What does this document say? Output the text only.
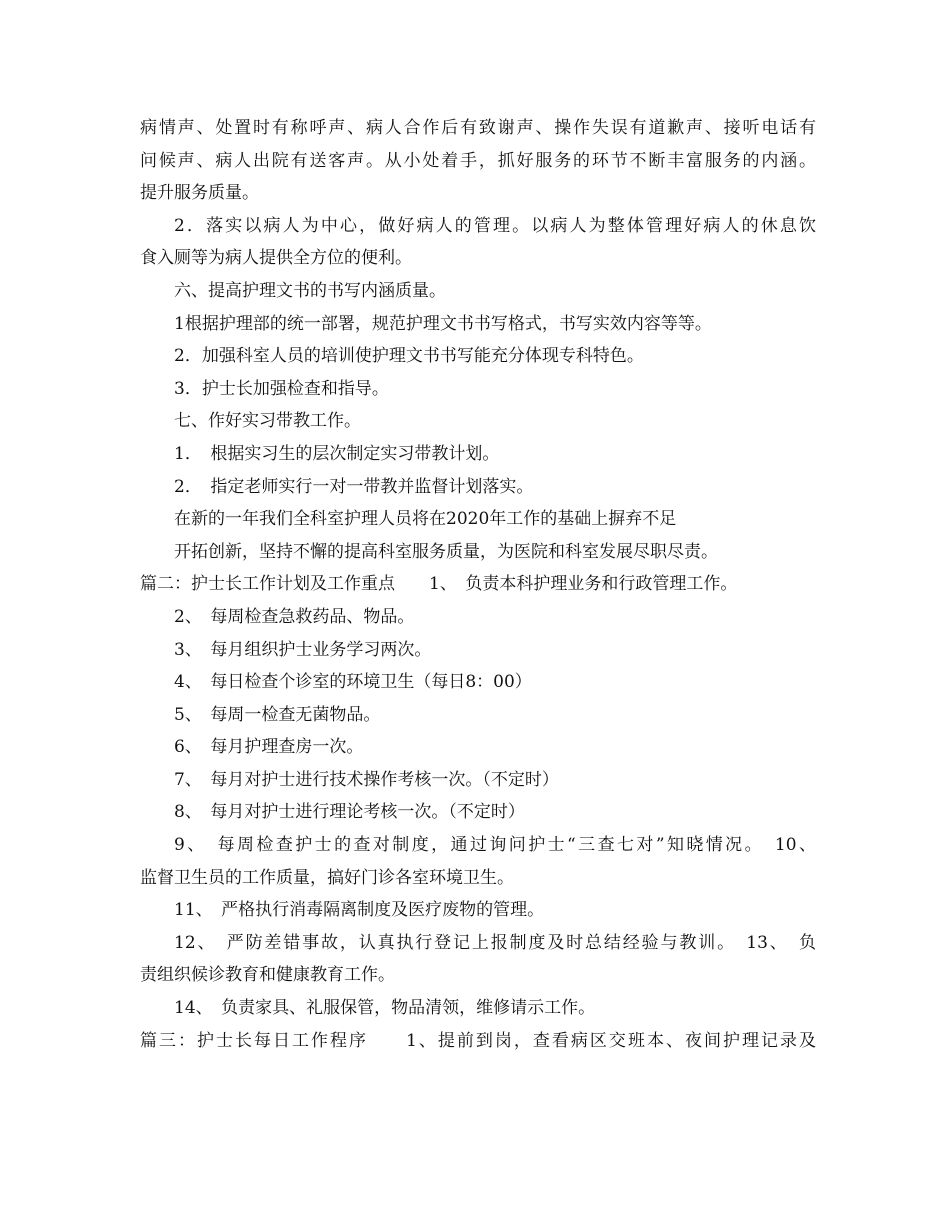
病情声、处置时有称呼声、病人合作后有致谢声、操作失误有道歉声、接听电话有
问候声、病人出院有送客声。从小处着手，抓好服务的环节不断丰富服务的内涵。
提升服务质量。
2．落实以病人为中心，做好病人的管理。以病人为整体管理好病人的休息饮
食入厕等为病人提供全方位的便利。
六、提高护理文书的书写内涵质量。
1根据护理部的统一部署，规范护理文书书写格式，书写实效内容等等。
2．加强科室人员的培训使护理文书书写能充分体现专科特色。
3．护士长加强检查和指导。
七、作好实习带教工作。
1．　根据实习生的层次制定实习带教计划。
2．　指定老师实行一对一带教并监督计划落实。
在新的一年我们全科室护理人员将在2020年工作的基础上摒弃不足
开拓创新，坚持不懈的提高科室服务质量，为医院和科室发展尽职尽责。
篇二：护士长工作计划及工作重点　　1、　负责本科护理业务和行政管理工作。
2、　每周检查急救药品、物品。
3、　每月组织护士业务学习两次。
4、　每日检查个诊室的环境卫生（每日8：00）
5、　每周一检查无菌物品。
6、　每月护理查房一次。
7、　每月对护士进行技术操作考核一次。（不定时）
8、　每月对护士进行理论考核一次。（不定时）
9、　每周检查护士的查对制度，通过询问护士“三查七对”知晓情况。　10、
监督卫生员的工作质量，搞好门诊各室环境卫生。
11、　严格执行消毒隔离制度及医疗废物的管理。
12、　严防差错事故，认真执行登记上报制度及时总结经验与教训。　13、　负
责组织候诊教育和健康教育工作。
14、　负责家具、礼服保管，物品清领，维修请示工作。
篇三：护士长每日工作程序　　1、提前到岗，查看病区交班本、夜间护理记录及
